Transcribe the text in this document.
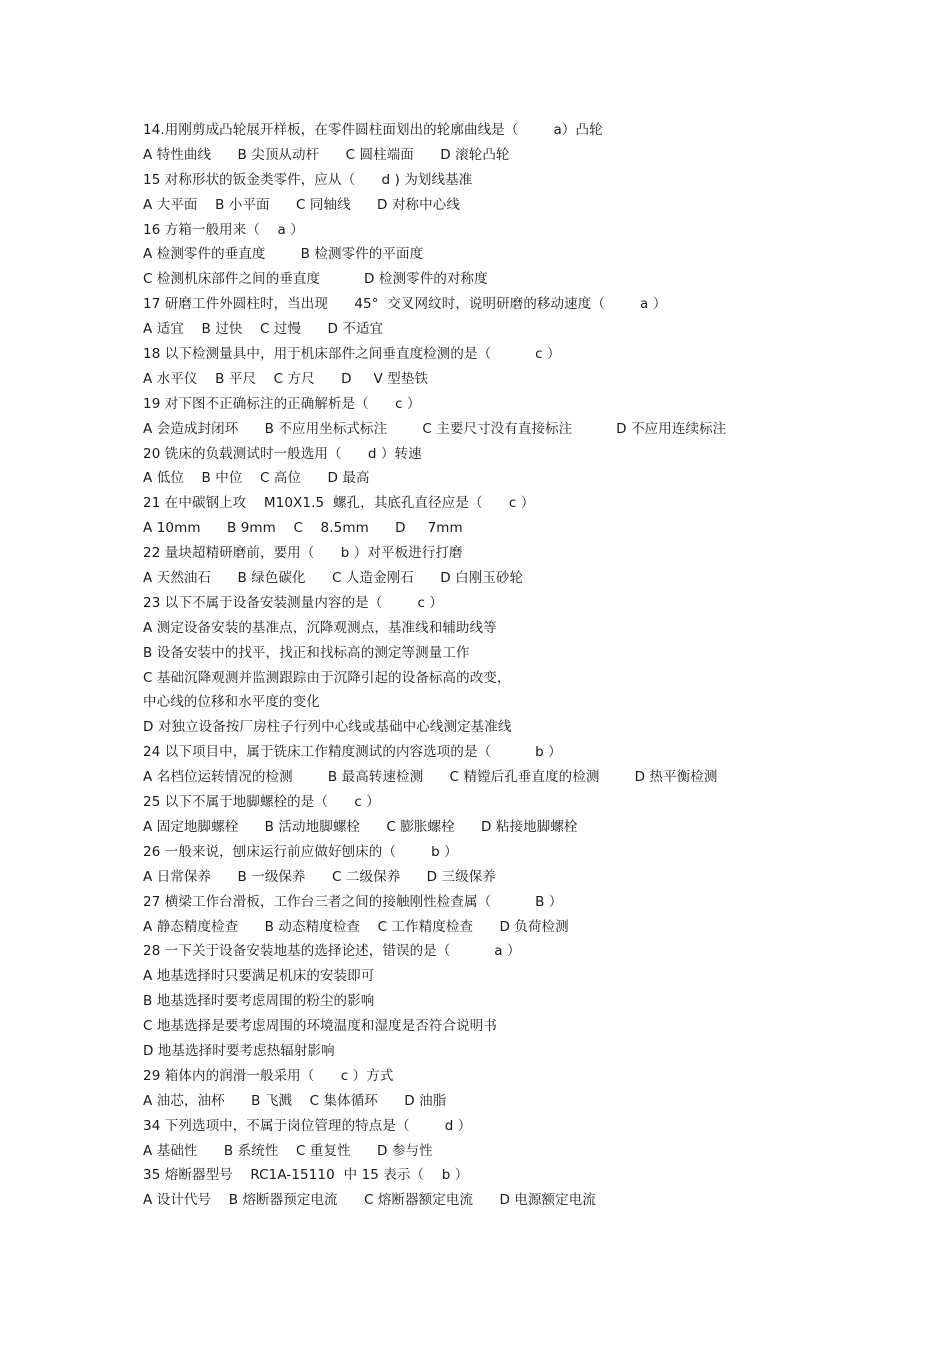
14.用刚剪成凸轮展开样板，在零件圆柱面划出的轮廓曲线是（        a）凸轮
A 特性曲线      B 尖顶从动杆      C 圆柱端面      D 滚轮凸轮
15 对称形状的钣金类零件，应从（      d ) 为划线基准
A 大平面    B 小平面      C 同轴线      D 对称中心线
16 方箱一般用来（    a ）
A 检测零件的垂直度        B 检测零件的平面度
C 检测机床部件之间的垂直度          D 检测零件的对称度
17 研磨工件外圆柱时，当出现      45°  交叉网纹时，说明研磨的移动速度（        a ）
A 适宜    B 过快    C 过慢      D 不适宜
18 以下检测量具中，用于机床部件之间垂直度检测的是（          c ）
A 水平仪    B 平尺    C 方尺      D     V 型垫铁
19 对下图不正确标注的正确解析是（      c ）
A 会造成封闭环      B 不应用坐标式标注        C 主要尺寸没有直接标注          D 不应用连续标注
20 铣床的负载测试时一般选用（      d ）转速
A 低位    B 中位    C 高位      D 最高
21 在中碳钢上攻    M10X1.5  螺孔，其底孔直径应是（      c ）
A 10mm      B 9mm    C    8.5mm      D     7mm
22 量块超精研磨前，要用（      b ）对平板进行打磨
A 天然油石      B 绿色碳化      C 人造金刚石      D 白刚玉砂轮
23 以下不属于设备安装测量内容的是（        c ）
A 测定设备安装的基准点，沉降观测点，基准线和辅助线等
B 设备安装中的找平，找正和找标高的测定等测量工作
C 基础沉降观测并监测跟踪由于沉降引起的设备标高的改变，
中心线的位移和水平度的变化
D 对独立设备按厂房柱子行列中心线或基础中心线测定基准线
24 以下项目中，属于铣床工作精度测试的内容选项的是（          b ）
A 名档位运转情况的检测        B 最高转速检测      C 精镗后孔垂直度的检测        D 热平衡检测
25 以下不属于地脚螺栓的是（      c ）
A 固定地脚螺栓      B 活动地脚螺栓      C 膨胀螺栓      D 粘接地脚螺栓
26 一般来说，刨床运行前应做好刨床的（        b ）
A 日常保养      B 一级保养      C 二级保养      D 三级保养
27 横梁工作台滑板，工作台三者之间的接触刚性检查属（          B ）
A 静态精度检查      B 动态精度检查    C 工作精度检查      D 负荷检测
28 一下关于设备安装地基的选择论述，错误的是（          a ）
A 地基选择时只要满足机床的安装即可
B 地基选择时要考虑周围的粉尘的影响
C 地基选择是要考虑周围的环境温度和湿度是否符合说明书
D 地基选择时要考虑热辐射影响
29 箱体内的润滑一般采用（      c ）方式
A 油芯，油杯      B 飞溅    C 集体循环      D 油脂
34 下列选项中，不属于岗位管理的特点是（        d ）
A 基础性      B 系统性    C 重复性      D 参与性
35 熔断器型号    RC1A-15110  中 15 表示（    b ）
A 设计代号    B 熔断器预定电流      C 熔断器额定电流      D 电源额定电流
